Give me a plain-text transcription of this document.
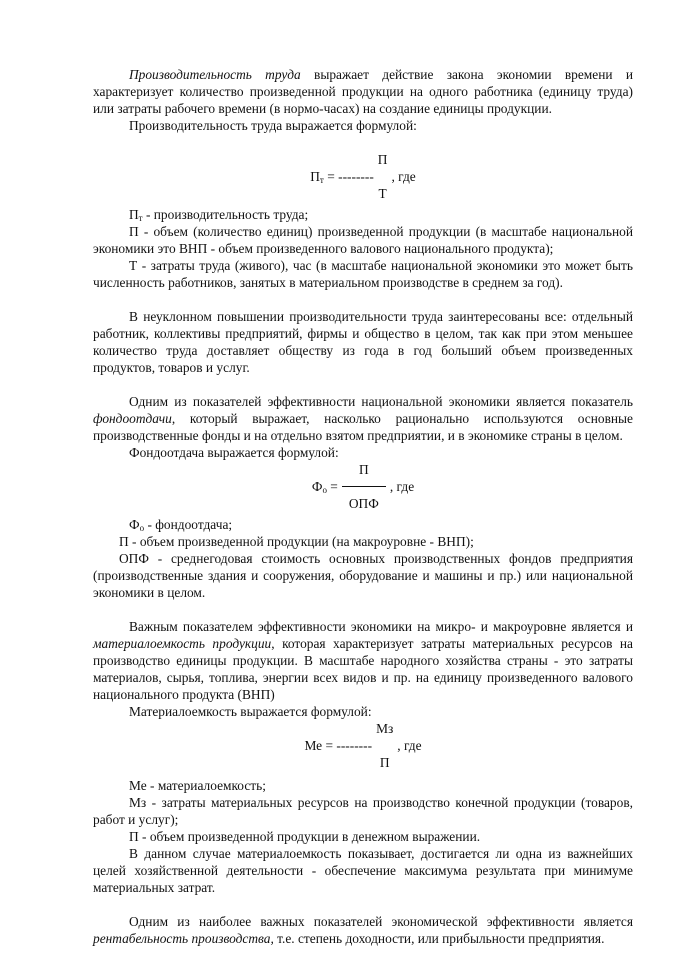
Производительность труда выражает действие закона экономии времени и характеризует количество произведенной продукции на одного работника (единицу труда) или затраты рабочего времени (в нормо-часах) на создание единицы продукции.

Производительность труда выражается формулой:

П
$П_т$ = -------- , где
Т

$П_т$ - производительность труда;

П - объем (количество единиц) произведенной продукции (в масштабе национальной экономики это ВНП - объем произведенного валового национального продукта);

Т - затраты труда (живого), час (в масштабе национальной экономики это может быть численность работников, занятых в материальном производстве в среднем за год).

В неуклонном повышении производительности труда заинтересованы все: отдельный работник, коллективы предприятий, фирмы и общество в целом, так как при этом меньшее количество труда доставляет обществу из года в год больший объем произведенных продуктов, товаров и услуг.

Одним из показателей эффективности национальной экономики является показатель фондоотдачи, который выражает, насколько рационально используются основные производственные фонды и на отдельно взятом предприятии, и в экономике страны в целом.

Фондоотдача выражается формулой:

П
$Ф_о$ =	, где
ОПФ

$Ф_о$ - фондоотдача;

П - объем произведенной продукции (на макроуровне - ВНП);

ОПФ - среднегодовая стоимость основных производственных фондов предприятия (производственные здания и сооружения, оборудование и машины и пр.) или национальной экономики в целом.

Важным показателем эффективности экономики на микро- и макроуровне является и материалоемкость продукции, которая характеризует затраты материальных ресурсов на производство единицы продукции. В масштабе народного хозяйства страны - это затраты материалов, сырья, топлива, энергии всех видов и пр. на единицу произведенного валового национального продукта (ВНП)

Материалоемкость выражается формулой:

Мз
Ме = -------- , где
П

Ме - материалоемкость;

Мз - затраты материальных ресурсов на производство конечной продукции (товаров, работ и услуг);

П - объем произведенной продукции в денежном выражении.

В данном случае материалоемкость показывает, достигается ли одна из важнейших целей хозяйственной деятельности - обеспечение максимума результата при минимуме материальных затрат.

Одним из наиболее важных показателей экономической эффективности является рентабельность производства, т.е. степень доходности, или прибыльности предприятия.
